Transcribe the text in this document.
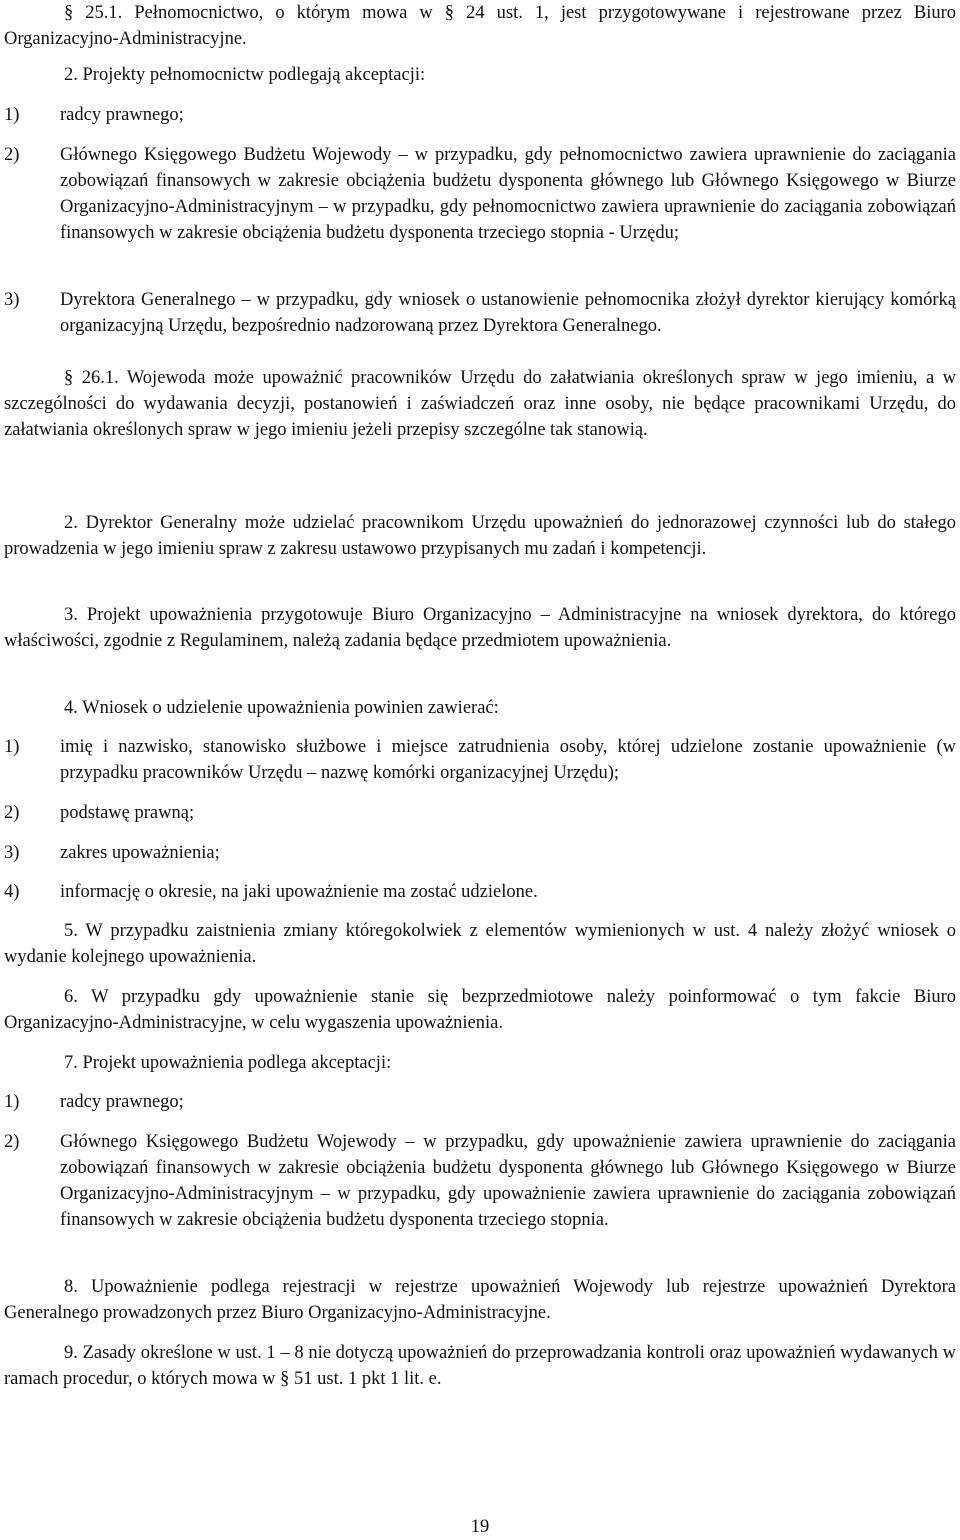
§ 25.1. Pełnomocnictwo, o którym mowa w § 24 ust. 1, jest przygotowywane i rejestrowane przez Biuro Organizacyjno-Administracyjne.

2. Projekty pełnomocnictw podlegają akceptacji:

1)	radcy prawnego;
2)	Głównego Księgowego Budżetu Wojewody – w przypadku, gdy pełnomocnictwo zawiera uprawnienie do zaciągania zobowiązań finansowych w zakresie obciążenia budżetu dysponenta głównego lub Głównego Księgowego w Biurze Organizacyjno-Administracyjnym – w przypadku, gdy pełnomocnictwo zawiera uprawnienie do zaciągania zobowiązań finansowych w zakresie obciążenia budżetu dysponenta trzeciego stopnia - Urzędu;
3)	Dyrektora Generalnego – w przypadku, gdy wniosek o ustanowienie pełnomocnika złożył dyrektor kierujący komórką organizacyjną Urzędu, bezpośrednio nadzorowaną przez Dyrektora Generalnego.

§ 26.1. Wojewoda może upoważnić pracowników Urzędu do załatwiania określonych spraw w jego imieniu, a w szczególności do wydawania decyzji, postanowień i zaświadczeń oraz inne osoby, nie będące pracownikami Urzędu, do załatwiania określonych spraw w jego imieniu jeżeli przepisy szczególne tak stanowią.

2. Dyrektor Generalny może udzielać pracownikom Urzędu upoważnień do jednorazowej czynności lub do stałego prowadzenia w jego imieniu spraw z zakresu ustawowo przypisanych mu zadań i kompetencji.

3. Projekt upoważnienia przygotowuje Biuro Organizacyjno – Administracyjne na wniosek dyrektora, do którego właściwości, zgodnie z Regulaminem, należą zadania będące przedmiotem upoważnienia.

4. Wniosek o udzielenie upoważnienia powinien zawierać:

1)	imię i nazwisko, stanowisko służbowe i miejsce zatrudnienia osoby, której udzielone zostanie upoważnienie (w przypadku pracowników Urzędu – nazwę komórki organizacyjnej Urzędu);
2)	podstawę prawną;
3)	zakres upoważnienia;
4)	informację o okresie, na jaki upoważnienie ma zostać udzielone.

5. W przypadku zaistnienia zmiany któregokolwiek z elementów wymienionych w ust. 4 należy złożyć wniosek o wydanie kolejnego upoważnienia.

6. W przypadku gdy upoważnienie stanie się bezprzedmiotowe należy poinformować o tym fakcie Biuro Organizacyjno-Administracyjne, w celu wygaszenia upoważnienia.

7. Projekt upoważnienia podlega akceptacji:

1)	radcy prawnego;
2)	Głównego Księgowego Budżetu Wojewody – w przypadku, gdy upoważnienie zawiera uprawnienie do zaciągania zobowiązań finansowych w zakresie obciążenia budżetu dysponenta głównego lub Głównego Księgowego w Biurze Organizacyjno-Administracyjnym – w przypadku, gdy upoważnienie zawiera uprawnienie do zaciągania zobowiązań finansowych w zakresie obciążenia budżetu dysponenta trzeciego stopnia.

8. Upoważnienie podlega rejestracji w rejestrze upoważnień Wojewody lub rejestrze upoważnień Dyrektora Generalnego prowadzonych przez Biuro Organizacyjno-Administracyjne.

9. Zasady określone w ust. 1 – 8 nie dotyczą upoważnień do przeprowadzania kontroli oraz upoważnień wydawanych w ramach procedur, o których mowa w § 51 ust. 1 pkt 1 lit. e.

19
